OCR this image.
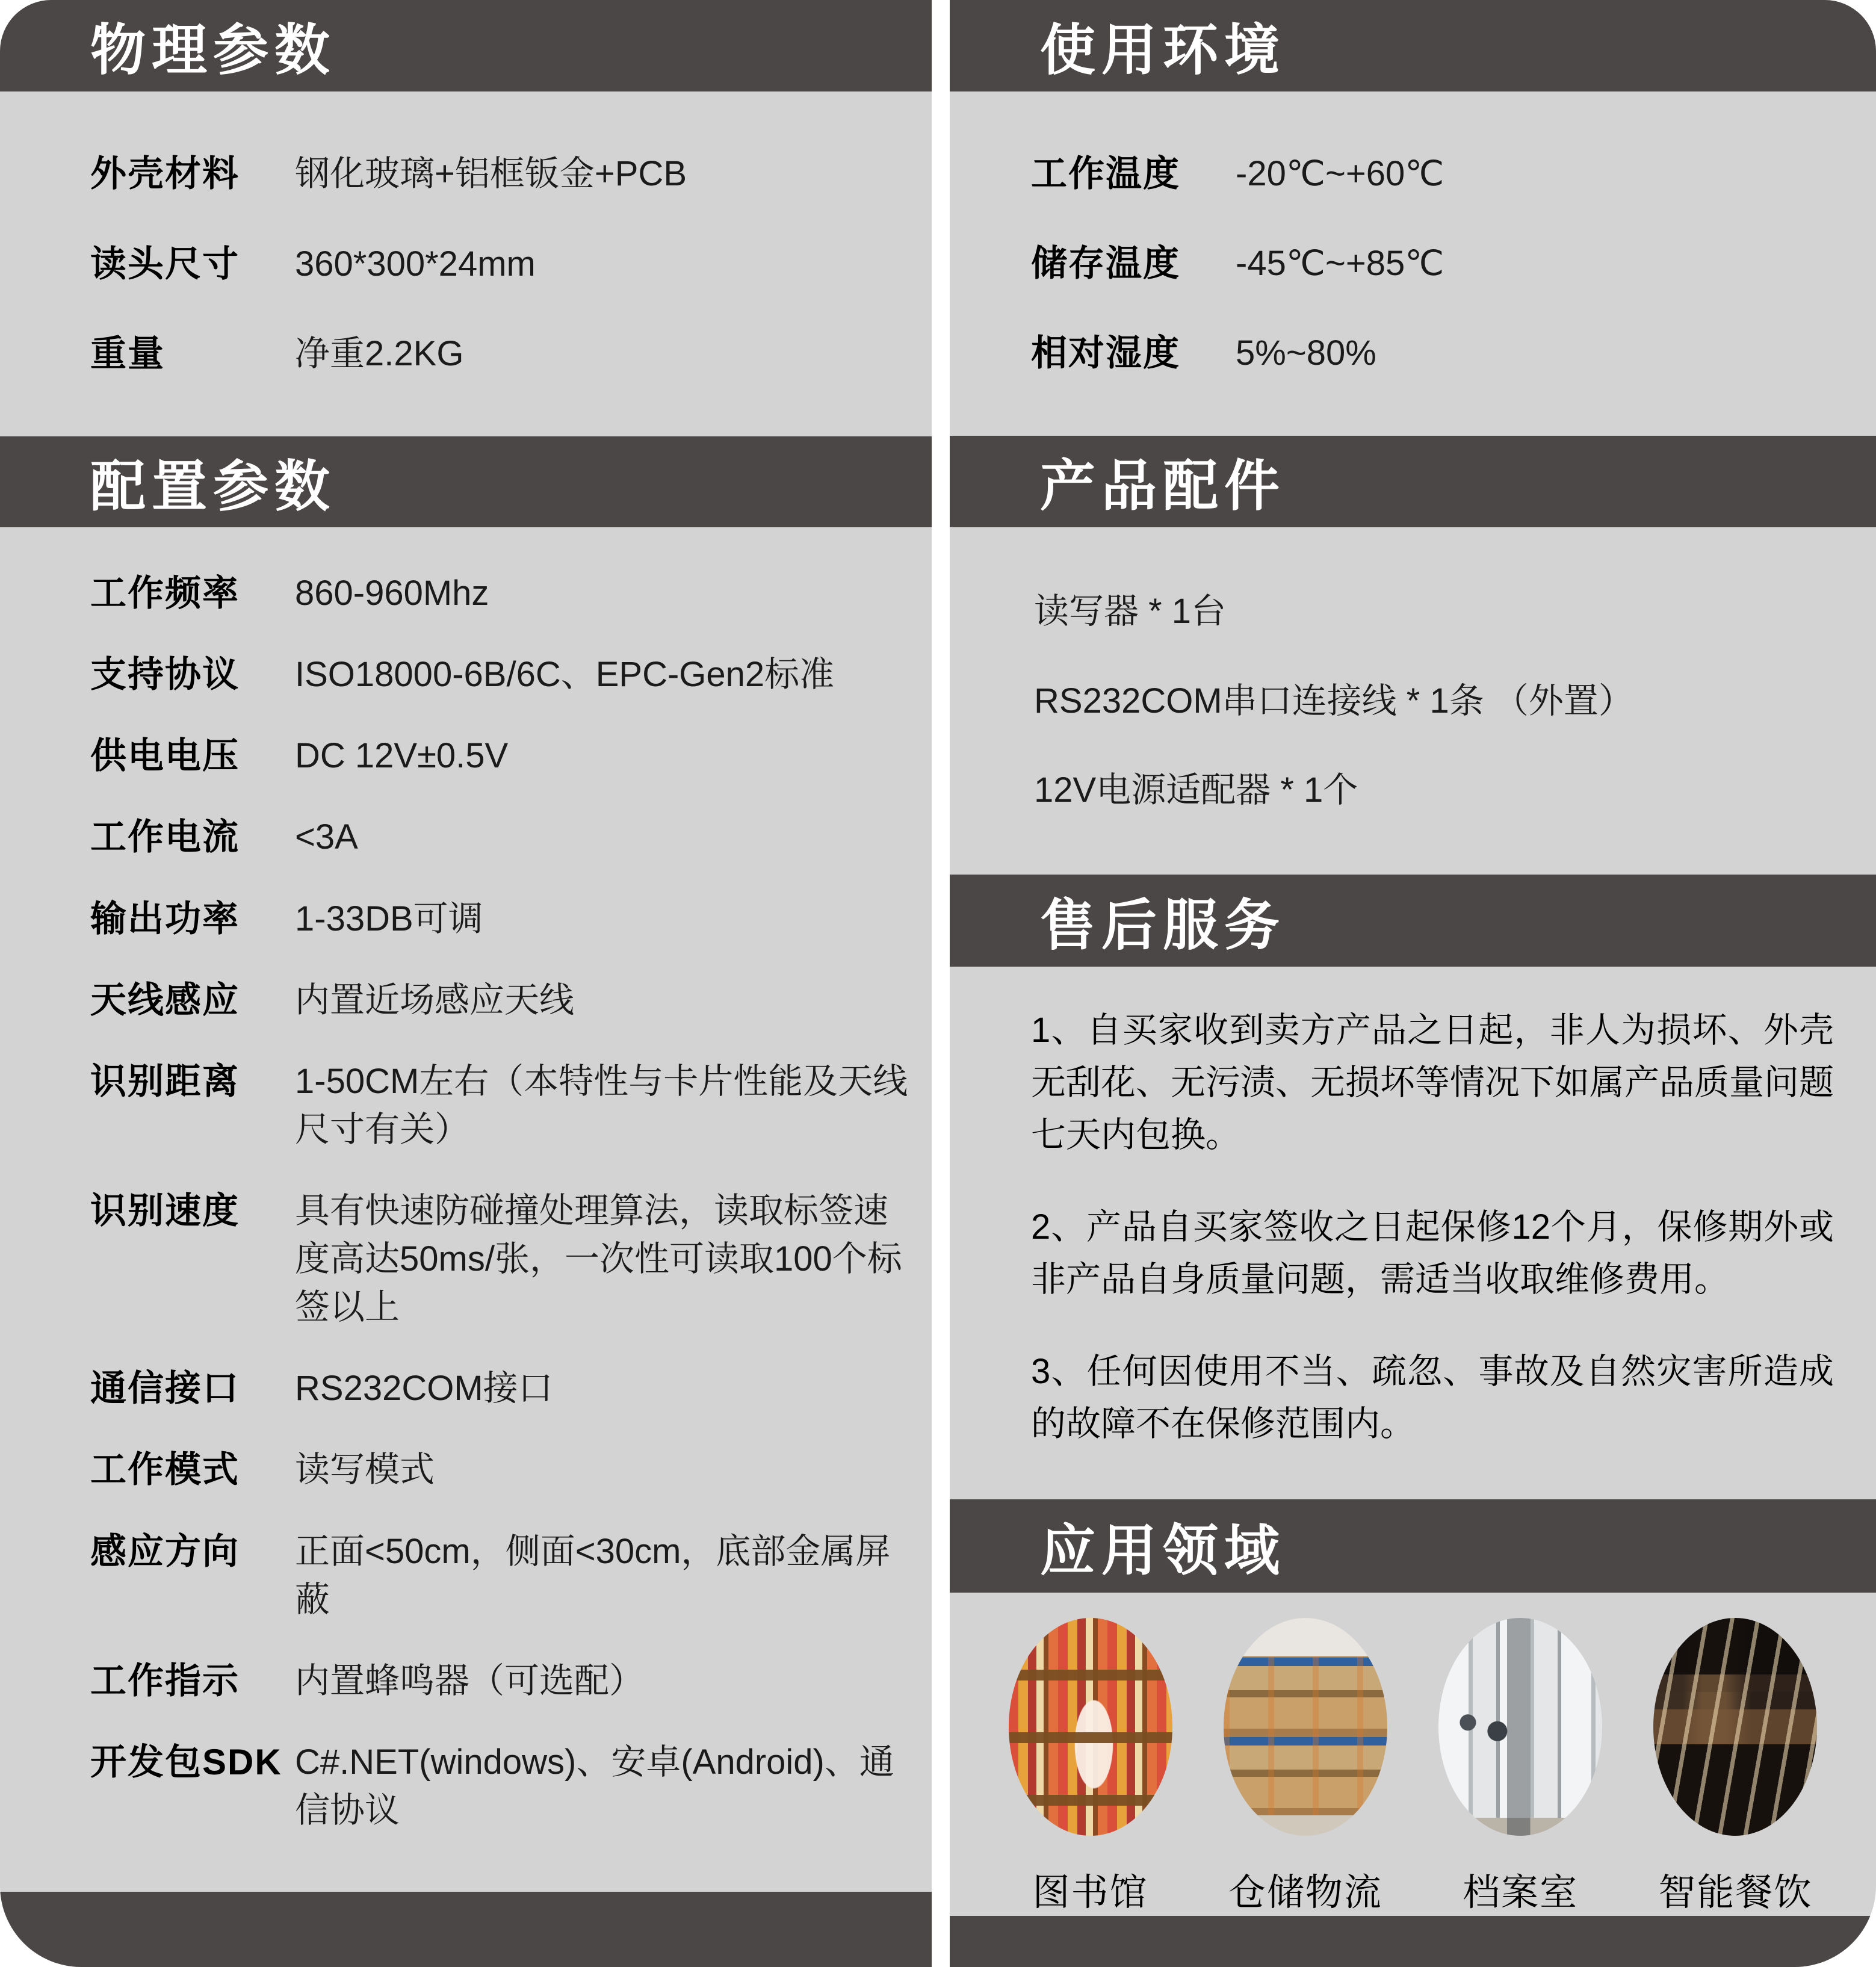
物理参数
外壳材料	钢化玻璃+铝框钣金+PCB
读头尺寸	360*300*24mm
重量	净重2.2KG
配置参数
工作频率	860-960Mhz
支持协议	ISO18000-6B/6C、EPC-Gen2标准
供电电压	DC 12V±0.5V
工作电流	<3A
输出功率	1-33DB可调
天线感应	内置近场感应天线
识别距离	1-50CM左右（本特性与卡片性能及天线尺寸有关）
识别速度	具有快速防碰撞处理算法，读取标签速度高达50ms/张，一次性可读取100个标签以上
通信接口	RS232COM接口
工作模式	读写模式
感应方向	正面<50cm，侧面<30cm，底部金属屏蔽
工作指示	内置蜂鸣器（可选配）
开发包SDK C#.NET(windows)、安卓(Android)、通信协议
使用环境
工作温度	-20℃~+60℃
储存温度	-45℃~+85℃
相对湿度	5%~80%
产品配件
读写器 * 1台
RS232COM串口连接线 * 1条 （外置）
12V电源适配器 * 1个
售后服务

1、自买家收到卖方产品之日起，非人为损坏、外壳无刮花、无污渍、无损坏等情况下如属产品质量问题七天内包换。

2、产品自买家签收之日起保修12个月，保修期外或非产品自身质量问题，需适当收取维修费用。

3、任何因使用不当、疏忽、事故及自然灾害所造成的故障不在保修范围内。

应用领域
图书馆 仓储物流 档案室 智能餐饮
